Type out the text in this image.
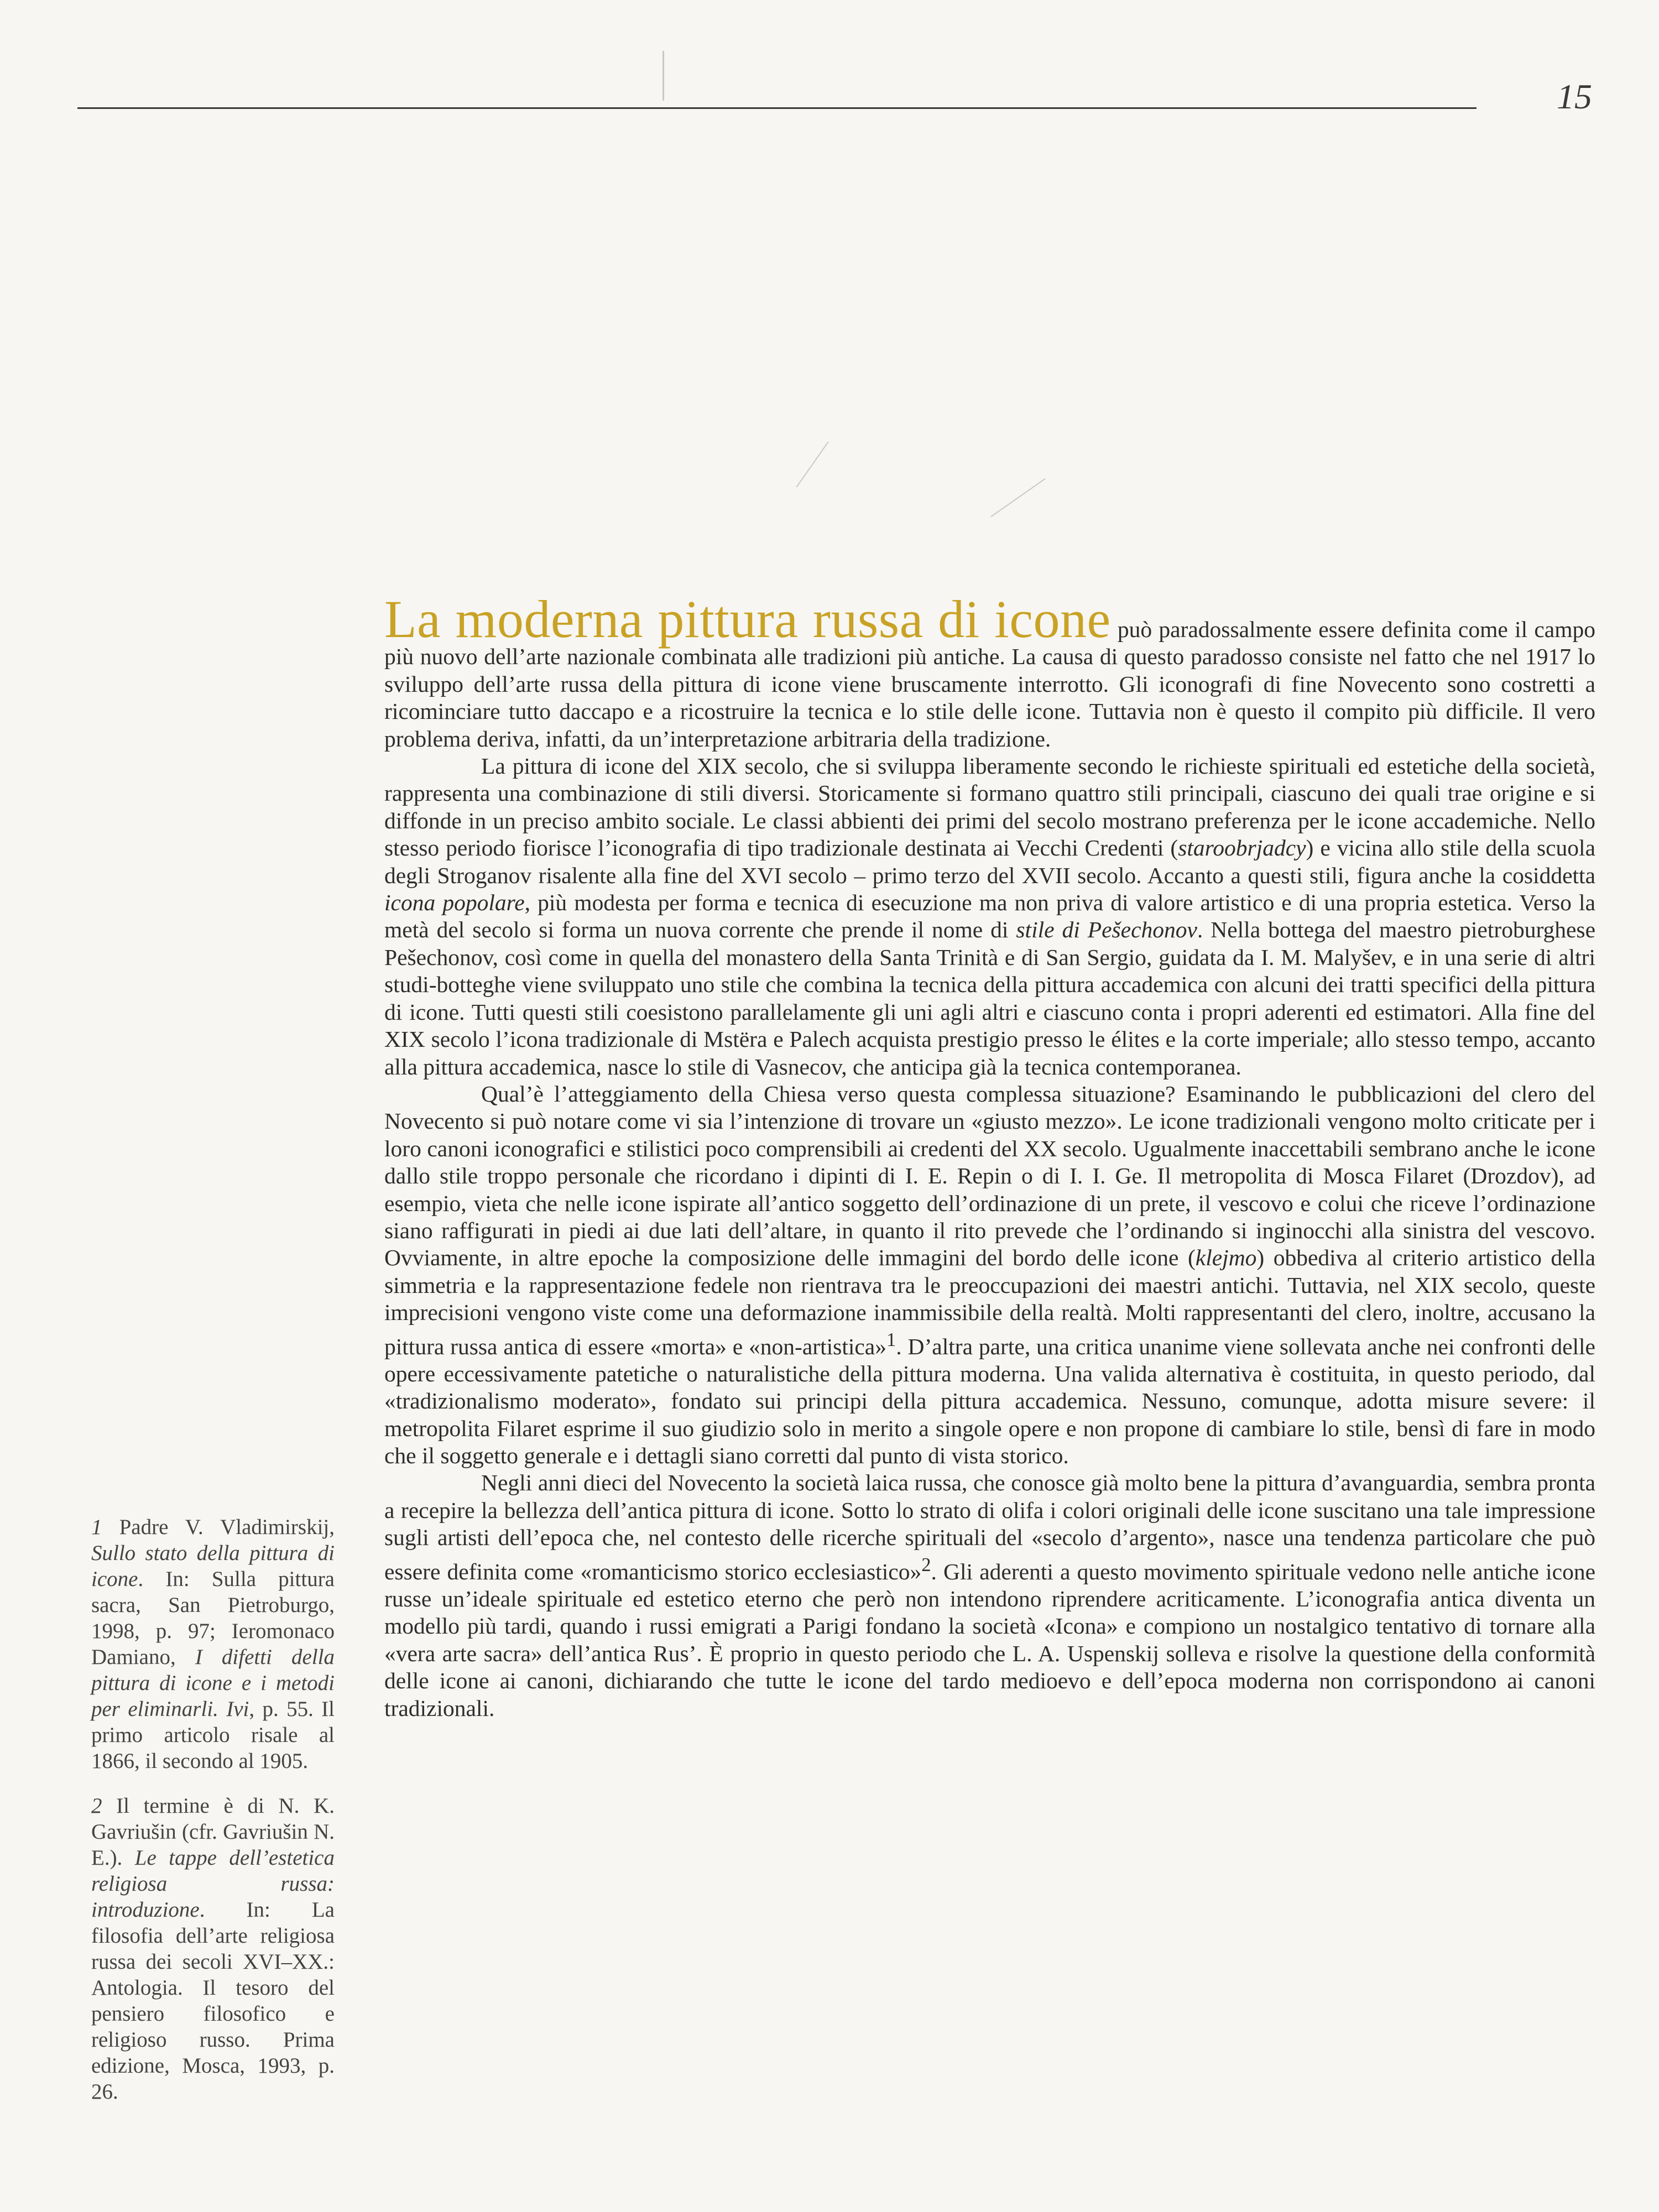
15

La moderna pittura russa di icone può paradossalmente essere definita come il campo più nuovo dell’arte nazionale combinata alle tradizioni più antiche. La causa di questo paradosso consiste nel fatto che nel 1917 lo sviluppo dell’arte russa della pittura di icone viene bruscamente interrotto. Gli iconografi di fine Novecento sono costretti a ricominciare tutto daccapo e a ricostruire la tecnica e lo stile delle icone. Tuttavia non è questo il compito più difficile. Il vero problema deriva, infatti, da un’interpretazione arbitraria della tradizione.

La pittura di icone del XIX secolo, che si sviluppa liberamente secondo le richieste spirituali ed estetiche della società, rappresenta una combinazione di stili diversi. Storicamente si formano quattro stili principali, ciascuno dei quali trae origine e si diffonde in un preciso ambito sociale. Le classi abbienti dei primi del secolo mostrano preferenza per le icone accademiche. Nello stesso periodo fiorisce l’iconografia di tipo tradizionale destinata ai Vecchi Credenti (staroobrjadcy) e vicina allo stile della scuola degli Stroganov risalente alla fine del XVI secolo – primo terzo del XVII secolo. Accanto a questi stili, figura anche la cosiddetta icona popolare, più modesta per forma e tecnica di esecuzione ma non priva di valore artistico e di una propria estetica. Verso la metà del secolo si forma un nuova corrente che prende il nome di stile di Pešechonov. Nella bottega del maestro pietroburghese Pešechonov, così come in quella del monastero della Santa Trinità e di San Sergio, guidata da I. M. Malyšev, e in una serie di altri studi-botteghe viene sviluppato uno stile che combina la tecnica della pittura accademica con alcuni dei tratti specifici della pittura di icone. Tutti questi stili coesistono parallelamente gli uni agli altri e ciascuno conta i propri aderenti ed estimatori. Alla fine del XIX secolo l’icona tradizionale di Mstëra e Palech acquista prestigio presso le élites e la corte imperiale; allo stesso tempo, accanto alla pittura accademica, nasce lo stile di Vasnecov, che anticipa già la tecnica contemporanea.

Qual’è l’atteggiamento della Chiesa verso questa complessa situazione? Esaminando le pubblicazioni del clero del Novecento si può notare come vi sia l’intenzione di trovare un «giusto mezzo». Le icone tradizionali vengono molto criticate per i loro canoni iconografici e stilistici poco comprensibili ai credenti del XX secolo. Ugualmente inaccettabili sembrano anche le icone dallo stile troppo personale che ricordano i dipinti di I. E. Repin o di I. I. Ge. Il metropolita di Mosca Filaret (Drozdov), ad esempio, vieta che nelle icone ispirate all’antico soggetto dell’ordinazione di un prete, il vescovo e colui che riceve l’ordinazione siano raffigurati in piedi ai due lati dell’altare, in quanto il rito prevede che l’ordinando si inginocchi alla sinistra del vescovo. Ovviamente, in altre epoche la composizione delle immagini del bordo delle icone (klejmo) obbediva al criterio artistico della simmetria e la rappresentazione fedele non rientrava tra le preoccupazioni dei maestri antichi. Tuttavia, nel XIX secolo, queste imprecisioni vengono viste come una deformazione inammissibile della realtà. Molti rappresentanti del clero, inoltre, accusano la pittura russa antica di essere «morta» e «non-artistica»$^1$. D’altra parte, una critica unanime viene sollevata anche nei confronti delle opere eccessivamente patetiche o naturalistiche della pittura moderna. Una valida alternativa è costituita, in questo periodo, dal «tradizionalismo moderato», fondato sui principi della pittura accademica. Nessuno, comunque, adotta misure severe: il metropolita Filaret esprime il suo giudizio solo in merito a singole opere e non propone di cambiare lo stile, bensì di fare in modo che il soggetto generale e i dettagli siano corretti dal punto di vista storico.

Negli anni dieci del Novecento la società laica russa, che conosce già molto bene la pittura d’avanguardia, sembra pronta a recepire la bellezza dell’antica pittura di icone. Sotto lo strato di olifa i colori originali delle icone suscitano una tale impressione sugli artisti dell’epoca che, nel contesto delle ricerche spirituali del «secolo d’argento», nasce una tendenza particolare che può essere definita come «romanticismo storico ecclesiastico»$^2$. Gli aderenti a questo movimento spirituale vedono nelle antiche icone russe un’ideale spirituale ed estetico eterno che però non intendono riprendere acriticamente. L’iconografia antica diventa un modello più tardi, quando i russi emigrati a Parigi fondano la società «Icona» e compiono un nostalgico tentativo di tornare alla «vera arte sacra» dell’antica Rus’. È proprio in questo periodo che L. A. Uspenskij solleva e risolve la questione della conformità delle icone ai canoni, dichiarando che tutte le icone del tardo medioevo e dell’epoca moderna non corrispondono ai canoni tradizionali.

1 Padre V. Vladimirskij, Sullo stato della pittura di icone. In: Sulla pittura sacra, San Pietroburgo, 1998, p. 97; Ieromonaco Damiano, I difetti della pittura di icone e i metodi per eliminarli. Ivi, p. 55. Il primo articolo risale al 1866, il secondo al 1905.

2 Il termine è di N. K. Gavriušin (cfr. Gavriušin N. E.). Le tappe dell’estetica religiosa russa: introduzione. In: La filosofia dell’arte religiosa russa dei secoli XVI–XX.: Antologia. Il tesoro del pensiero filosofico e religioso russo. Prima edizione, Mosca, 1993, p. 26.
